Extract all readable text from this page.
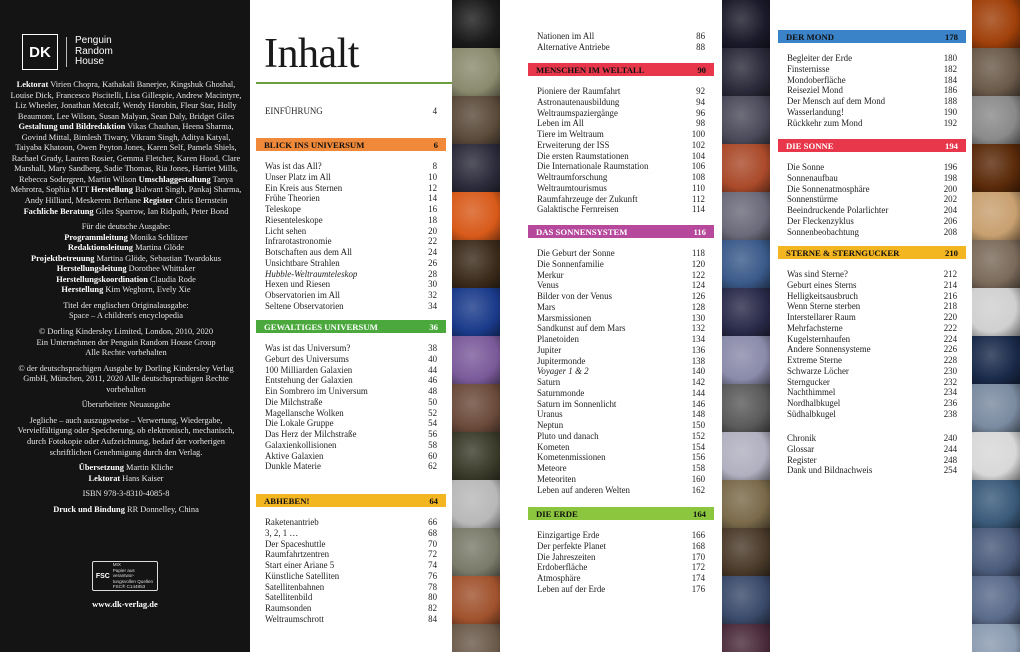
DK
Penguin
Random
House

Lektorat Virien Chopra, Kathakali Banerjee, Kingshuk Ghoshal, Louise Dick, Francesco Piscitelli, Lisa Gillespie, Andrew Macintyre, Liz Wheeler, Jonathan Metcalf, Wendy Horobin, Fleur Star, Holly Beaumont, Lee Wilson, Susan Malyan, Sean Daly, Bridget Giles Gestaltung und Bildredaktion Vikas Chauhan, Heena Sharma, Govind Mittal, Bimlesh Tiwary, Vikram Singh, Aditya Katyal, Taiyaba Khatoon, Owen Peyton Jones, Karen Self, Pamela Shiels, Rachael Grady, Lauren Rosier, Gemma Fletcher, Karen Hood, Clare Marshall, Mary Sandberg, Sadie Thomas, Ria Jones, Harriet Mills, Rebecca Sodergren, Martin Wilson Umschlaggestaltung Tanya Mehrotra, Sophia MTT Herstellung Balwant Singh, Pankaj Sharma, Andy Hilliard, Meskerem Berhane Register Chris Bernstein Fachliche Beratung Giles Sparrow, Ian Ridpath, Peter Bond

Für die deutsche Ausgabe:
Programmleitung Monika Schlitzer
Redaktionsleitung Martina Glöde
Projektbetreuung Martina Glöde, Sebastian Twardokus
Herstellungsleitung Dorothee Whittaker
Herstellungskoordination Claudia Rode
Herstellung Kim Weghorn, Evely Xie

Titel der englischen Originalausgabe:
Space – A children's encyclopedia

© Dorling Kindersley Limited, London, 2010, 2020
Ein Unternehmen der Penguin Random House Group
Alle Rechte vorbehalten

© der deutschsprachigen Ausgabe by Dorling Kindersley Verlag GmbH, München, 2011, 2020 Alle deutschsprachigen Rechte vorbehalten

Überarbeitete Neuausgabe

Jegliche – auch auszugsweise – Verwertung, Wiedergabe, Vervielfältigung oder Speicherung, ob elektronisch, mechanisch, durch Fotokopie oder Aufzeichnung, bedarf der vorherigen schriftlichen Genehmigung durch den Verlag.

Übersetzung Martin Kliche
Lektorat Hans Kaiser

ISBN 978-3-8310-4085-8

Druck und Bindung RR Donnelley, China

FSC
MIX
Papier aus verantwor-
tungsvollen Quellen
FSC® C144853
www.dk-verlag.de
Inhalt
EINFÜHRUNG	4
BLICK INS UNIVERSUM	6
Was ist das All?	8
Unser Platz im All	10
Ein Kreis aus Sternen	12
Frühe Theorien	14
Teleskope	16
Riesenteleskope	18
Licht sehen	20
Infrarotastronomie	22
Botschaften aus dem All	24
Unsichtbare Strahlen	26
Hubble-Weltraumteleskop	28
Hexen und Riesen	30
Observatorien im All	32
Seltene Observatorien	34
GEWALTIGES UNIVERSUM	36
Was ist das Universum?	38
Geburt des Universums	40
100 Milliarden Galaxien	44
Entstehung der Galaxien	46
Ein Sombrero im Universum	48
Die Milchstraße	50
Magellansche Wolken	52
Die Lokale Gruppe	54
Das Herz der Milchstraße	56
Galaxienkollisionen	58
Aktive Galaxien	60
Dunkle Materie	62
ABHEBEN!	64
Raketenantrieb	66
3, 2, 1 …	68
Der Spaceshuttle	70
Raumfahrtzentren	72
Start einer Ariane 5	74
Künstliche Satelliten	76
Satellitenbahnen	78
Satellitenbild	80
Raumsonden	82
Weltraumschrott	84
Nationen im All	86
Alternative Antriebe	88
MENSCHEN IM WELTALL	90
Pioniere der Raumfahrt	92
Astronautenausbildung	94
Weltraumspaziergänge	96
Leben im All	98
Tiere im Weltraum	100
Erweiterung der ISS	102
Die ersten Raumstationen	104
Die Internationale Raumstation	106
Weltraumforschung	108
Weltraumtourismus	110
Raumfahrzeuge der Zukunft	112
Galaktische Fernreisen	114
DAS SONNENSYSTEM	116
Die Geburt der Sonne	118
Die Sonnenfamilie	120
Merkur	122
Venus	124
Bilder von der Venus	126
Mars	128
Marsmissionen	130
Sandkunst auf dem Mars	132
Planetoiden	134
Jupiter	136
Jupitermonde	138
Voyager 1 & 2	140
Saturn	142
Saturnmonde	144
Saturn im Sonnenlicht	146
Uranus	148
Neptun	150
Pluto und danach	152
Kometen	154
Kometenmissionen	156
Meteore	158
Meteoriten	160
Leben auf anderen Welten	162
DIE ERDE	164
Einzigartige Erde	166
Der perfekte Planet	168
Die Jahreszeiten	170
Erdoberfläche	172
Atmosphäre	174
Leben auf der Erde	176
DER MOND	178
Begleiter der Erde	180
Finsternisse	182
Mondoberfläche	184
Reiseziel Mond	186
Der Mensch auf dem Mond	188
Wasserlandung!	190
Rückkehr zum Mond	192
DIE SONNE	194
Die Sonne	196
Sonnenaufbau	198
Die Sonnenatmosphäre	200
Sonnenstürme	202
Beeindruckende Polarlichter	204
Der Fleckenzyklus	206
Sonnenbeobachtung	208
STERNE & STERNGUCKER	210
Was sind Sterne?	212
Geburt eines Sterns	214
Helligkeitsausbruch	216
Wenn Sterne sterben	218
Interstellarer Raum	220
Mehrfachsterne	222
Kugelsternhaufen	224
Andere Sonnensysteme	226
Extreme Sterne	228
Schwarze Löcher	230
Sterngucker	232
Nachthimmel	234
Nordhalbkugel	236
Südhalbkugel	238
Chronik	240
Glossar	244
Register	248
Dank und Bildnachweis	254
